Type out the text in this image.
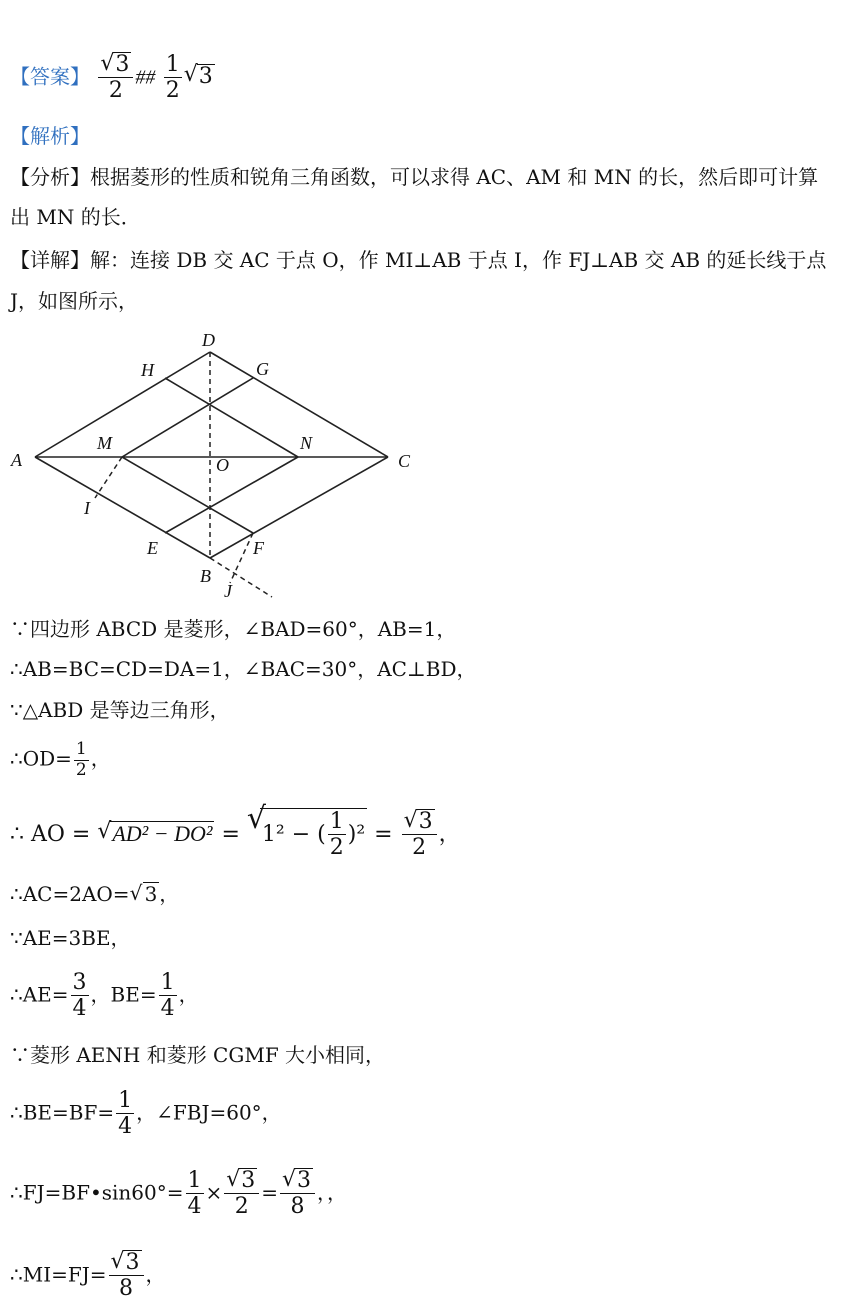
【答案】 √ $\frac{3}{2}$ ## $\frac{1}{2}$ √ 3
【解析】
【分析】根据菱形的性质和锐角三角函数，可以求得 AC、AM 和 MN 的长，然后即可计算
出 MN 的长．
【详解】解：连接 DB 交 AC 于点 O，作 MI⊥AB 于点 I，作 FJ⊥AB 交 AB 的延长线于点
J，如图所示，
D
H	G
A
M	N
O	C
I
E	F
B
J
∵四边形 ABCD 是菱形，∠BAD=60°，AB=1，
∴AB=BC=CD=DA=1，∠BAC=30°，AC⊥BD，
∵△ABD 是等边三角形，
∴OD= $\frac{1}{2}$ ，
∴ AO = √ AD² − DO² = √ 1² − ( $\frac{1}{2} )^2$ = √ $\frac{3}{2}$ ，
∴AC=2AO= √ 3 ，
∵AE=3BE，
∴AE= $\frac{3}{4}$ ，$BE= \frac{1}{4}$ ，
∵菱形 AENH 和菱形 CGMF 大小相同，
∴BE=BF= $\frac{1}{4}$ ，∠FBJ=60°，
∴FJ=BF•sin60°= $\frac{1}{4}$ × √ $\frac{3}{2}$ = √ $\frac{3}{8}$ ，，
∴MI=FJ= √ $\frac{3}{8}$ ，
